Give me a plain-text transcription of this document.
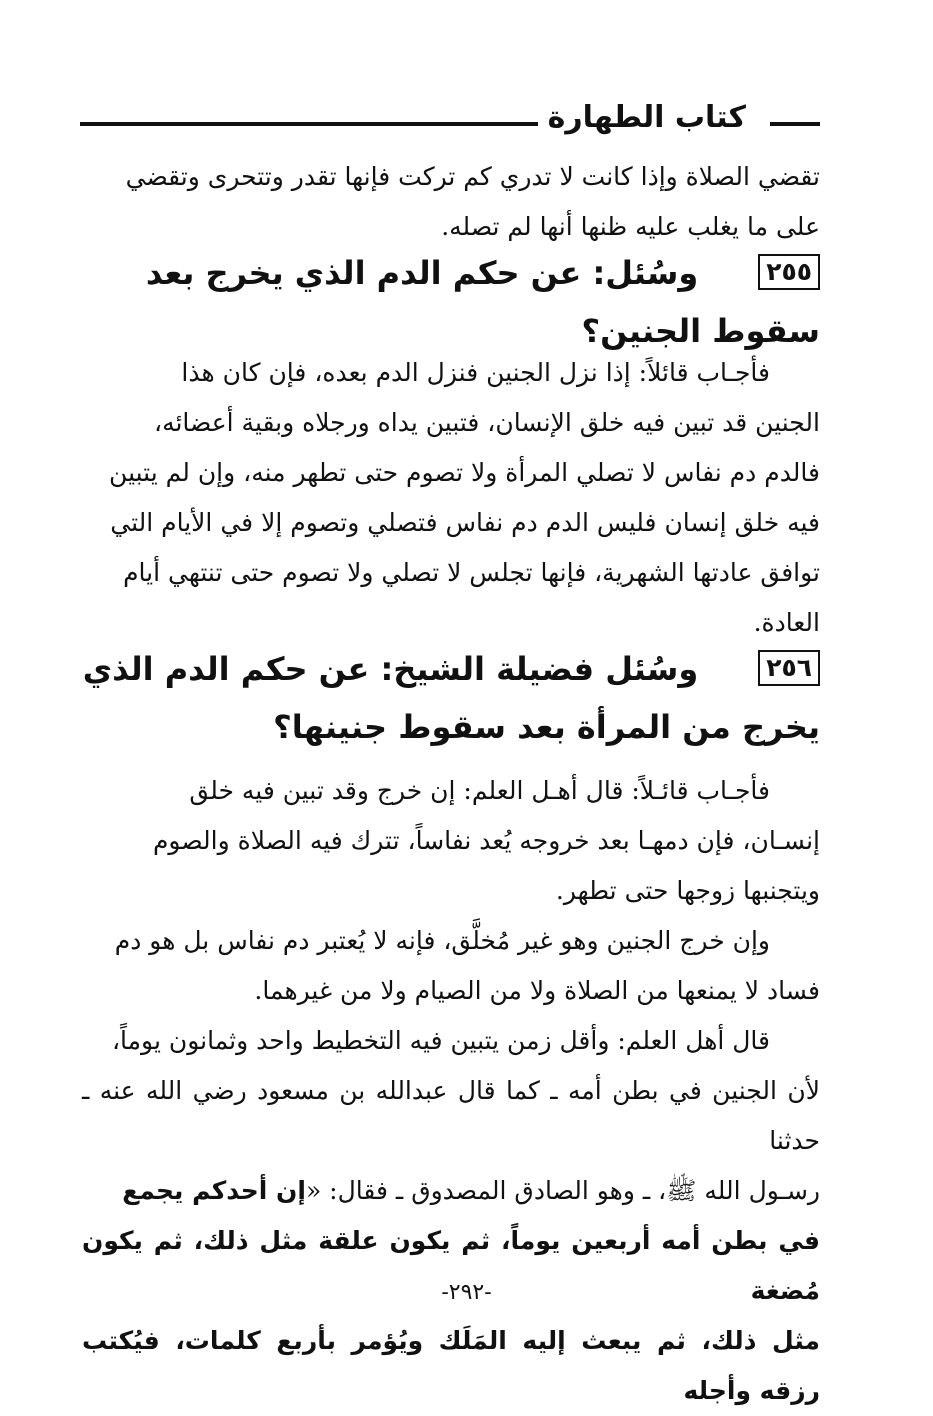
كتاب الطهارة

تقضي الصلاة وإذا كانت لا تدري كم تركت فإنها تقدر وتتحرى وتقضي

على ما يغلب عليه ظنها أنها لم تصله.

٢٥٥
وسُئل: عن حكم الدم الذي يخرج بعد سقوط الجنين؟

فأجـاب قائلاً: إذا نزل الجنين فنزل الدم بعده، فإن كان هذا

الجنين قد تبين فيه خلق الإنسان، فتبين يداه ورجلاه وبقية أعضائه،

فالدم دم نفاس لا تصلي المرأة ولا تصوم حتى تطهر منه، وإن لم يتبين

فيه خلق إنسان فليس الدم دم نفاس فتصلي وتصوم إلا في الأيام التي

توافق عادتها الشهرية، فإنها تجلس لا تصلي ولا تصوم حتى تنتهي أيام

العادة.

٢٥٦
وسُئل فضيلة الشيخ: عن حكم الدم الذي يخرج من المرأة بعد سقوط جنينها؟

فأجـاب قائـلاً: قال أهـل العلم: إن خرج وقد تبين فيه خلق

إنسـان، فإن دمهـا بعد خروجه يُعد نفاساً، تترك فيه الصلاة والصوم

ويتجنبها زوجها حتى تطهر.

وإن خرج الجنين وهو غير مُخلَّق، فإنه لا يُعتبر دم نفاس بل هو دم

فساد لا يمنعها من الصلاة ولا من الصيام ولا من غيرهما.

قال أهل العلم: وأقل زمن يتبين فيه التخطيط واحد وثمانون يوماً،

لأن الجنين في بطن أمه ـ كما قال عبدالله بن مسعود رضي الله عنه ـ حدثنا

رسـول الله ﷺ، ـ وهو الصادق المصدوق ـ فقال: «إن أحدكم يجمع

في بطن أمه أربعين يوماً، ثم يكون علقة مثل ذلك، ثم يكون مُضغة

مثل ذلك، ثم يبعث إليه المَلَك ويُؤمر بأربع كلمات، فيُكتب رزقه وأجله

-٢٩٢-
